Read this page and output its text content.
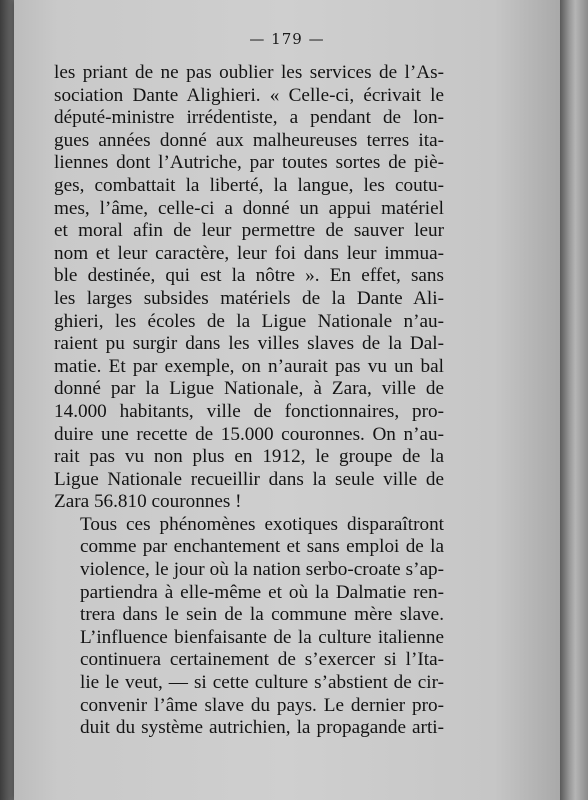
— 179 —

les priant de ne pas oublier les services de l’As-
sociation Dante Alighieri. « Celle-ci, écrivait le
député-ministre irrédentiste, a pendant de lon-
gues années donné aux malheureuses terres ita-
liennes dont l’Autriche, par toutes sortes de piè-
ges, combattait la liberté, la langue, les coutu-
mes, l’âme, celle-ci a donné un appui matériel
et moral afin de leur permettre de sauver leur
nom et leur caractère, leur foi dans leur immua-
ble destinée, qui est la nôtre ». En effet, sans
les larges subsides matériels de la Dante Ali-
ghieri, les écoles de la Ligue Nationale n’au-
raient pu surgir dans les villes slaves de la Dal-
matie. Et par exemple, on n’aurait pas vu un bal
donné par la Ligue Nationale, à Zara, ville de
14.000 habitants, ville de fonctionnaires, pro-
duire une recette de 15.000 couronnes. On n’au-
rait pas vu non plus en 1912, le groupe de la
Ligue Nationale recueillir dans la seule ville de
Zara 56.810 couronnes !

Tous ces phénomènes exotiques disparaîtront
comme par enchantement et sans emploi de la
violence, le jour où la nation serbo-croate s’ap-
partiendra à elle-même et où la Dalmatie ren-
trera dans le sein de la commune mère slave.
L’influence bienfaisante de la culture italienne
continuera certainement de s’exercer si l’Ita-
lie le veut, — si cette culture s’abstient de cir-
convenir l’âme slave du pays. Le dernier pro-
duit du système autrichien, la propagande arti-
